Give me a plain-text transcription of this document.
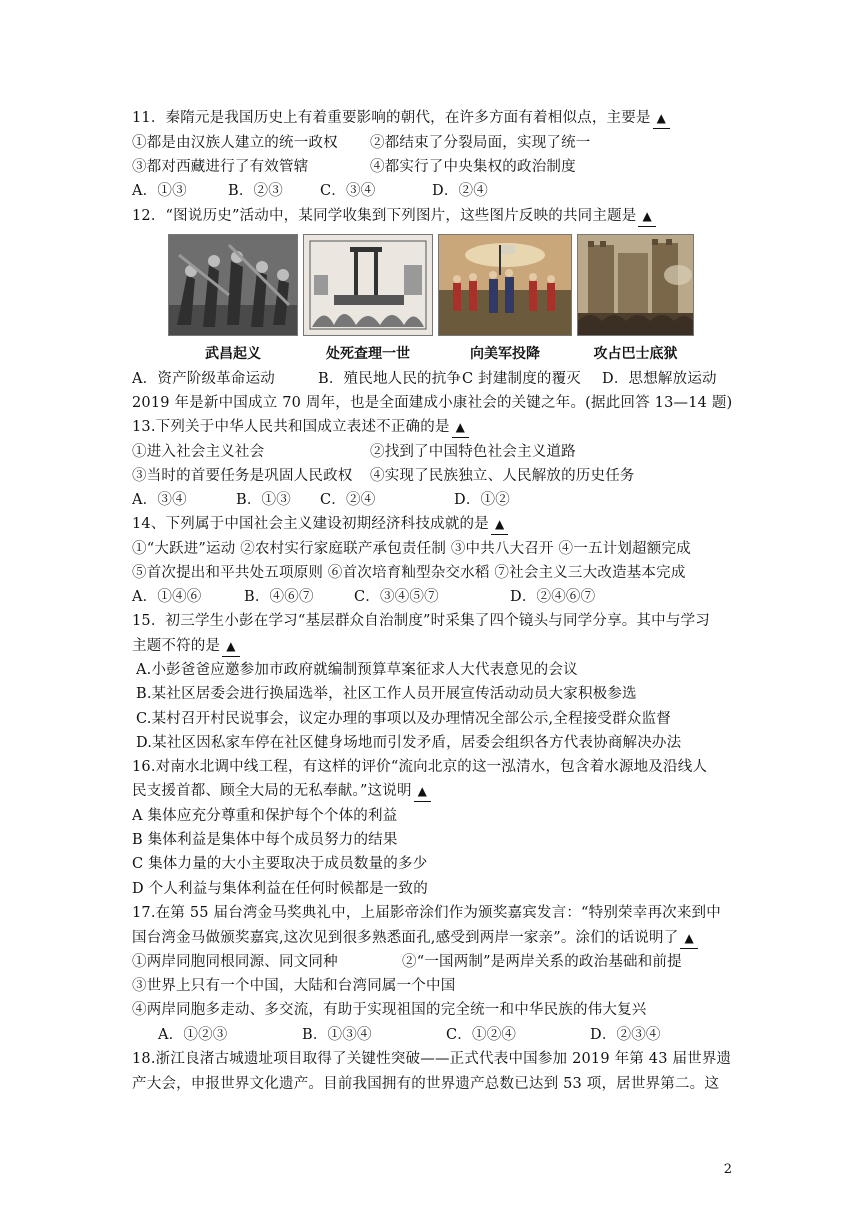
11．秦隋元是我国历史上有着重要影响的朝代，在许多方面有着相似点，主要是 ▲
①都是由汉族人建立的统一政权 ②都结束了分裂局面，实现了统一
③都对西藏进行了有效管辖	④都实行了中央集权的政治制度
A．①③	B．②③	C．③④	D．②④
12．“图说历史”活动中，某同学收集到下列图片，这些图片反映的共同主题是 ▲
武昌起义	处死查理一世	向美军投降	攻占巴士底狱
A．资产阶级革命运动	B．殖民地人民的抗争 C 封建制度的覆灭 D．思想解放运动
2019 年是新中国成立 70 周年，也是全面建成小康社会的关键之年。(据此回答 13—14 题)
13.下列关于中华人民共和国成立表述不正确的是 ▲
①进入社会主义社会	②找到了中国特色社会主义道路
③当时的首要任务是巩固人民政权 ④实现了民族独立、人民解放的历史任务
A．③④	B．①③ C．②④	D．①②
14、下列属于中国社会主义建设初期经济科技成就的是 ▲
①“大跃进”运动 ②农村实行家庭联产承包责任制 ③中共八大召开 ④一五计划超额完成
⑤首次提出和平共处五项原则 ⑥首次培育籼型杂交水稻 ⑦社会主义三大改造基本完成
A．①④⑥	B．④⑥⑦	C．③④⑤⑦	D．②④⑥⑦
15．初三学生小彭在学习“基层群众自治制度”时采集了四个镜头与同学分享。其中与学习
主题不符的是 ▲
A.小彭爸爸应邀参加市政府就编制预算草案征求人大代表意见的会议
B.某社区居委会进行换届选举，社区工作人员开展宣传活动动员大家积极参选
C.某村召开村民说事会，议定办理的事项以及办理情况全部公示,全程接受群众监督
D.某社区因私家车停在社区健身场地而引发矛盾，居委会组织各方代表协商解决办法
16.对南水北调中线工程，有这样的评价“流向北京的这一泓清水，包含着水源地及沿线人
民支援首都、顾全大局的无私奉献。”这说明 ▲
A 集体应充分尊重和保护每个个体的利益
B 集体利益是集体中每个成员努力的结果
C 集体力量的大小主要取决于成员数量的多少
D 个人利益与集体利益在任何时候都是一致的
17.在第 55 届台湾金马奖典礼中，上届影帝涂们作为颁奖嘉宾发言：“特别荣幸再次来到中
国台湾金马做颁奖嘉宾,这次见到很多熟悉面孔,感受到两岸一家亲”。涂们的话说明了 ▲
①两岸同胞同根同源、同文同种	②“一国两制”是两岸关系的政治基础和前提
③世界上只有一个中国，大陆和台湾同属一个中国
④两岸同胞多走动、多交流，有助于实现祖国的完全统一和中华民族的伟大复兴
A．①②③	B．①③④	C．①②④	D．②③④
18.浙江良渚古城遗址项目取得了关键性突破——正式代表中国参加 2019 年第 43 届世界遗
产大会，申报世界文化遗产。目前我国拥有的世界遗产总数已达到 53 项，居世界第二。这
2
